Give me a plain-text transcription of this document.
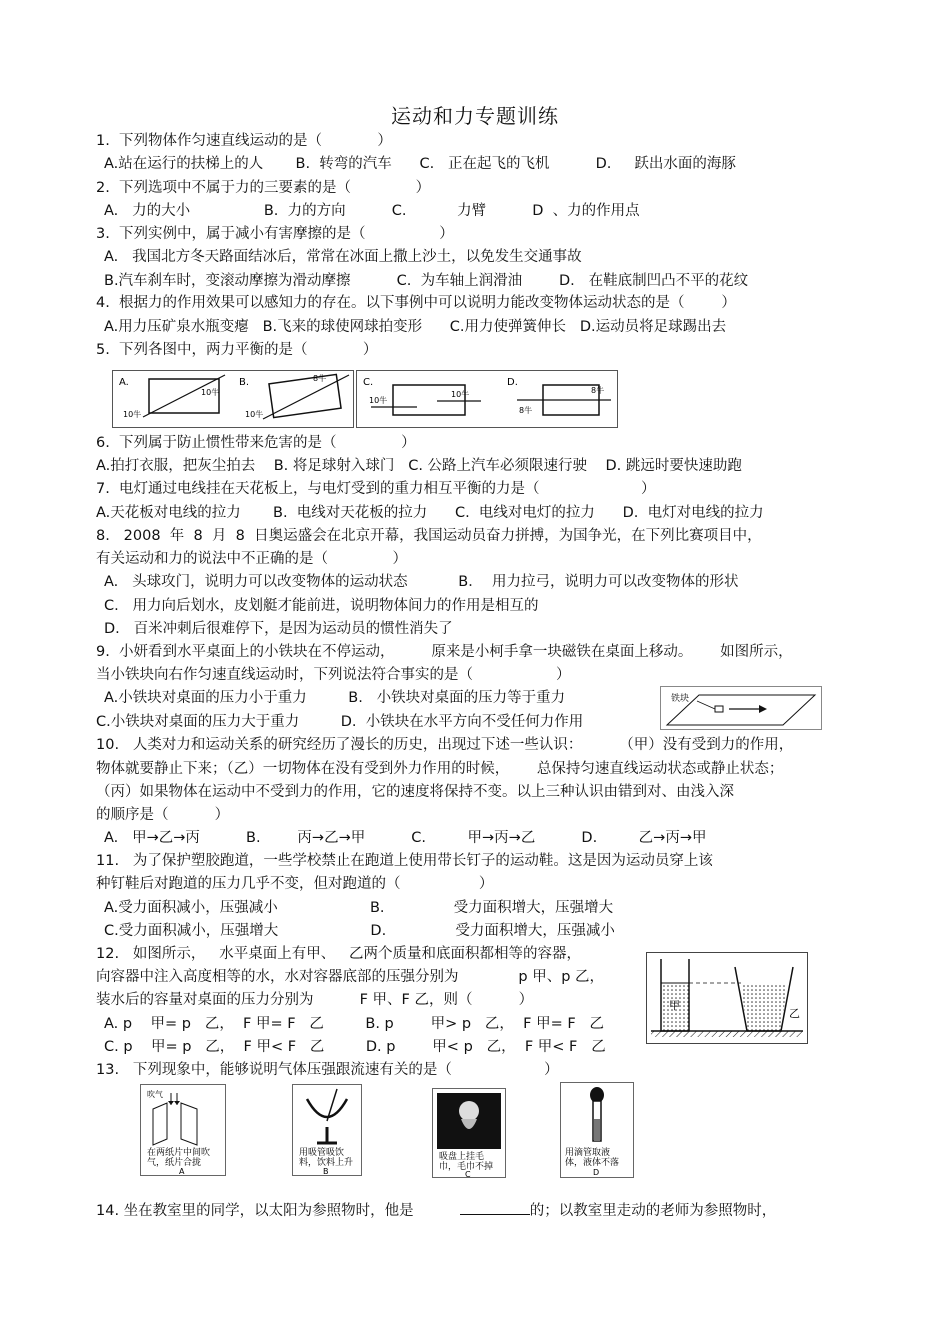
运动和力专题训练
1.  下列物体作匀速直线运动的是（            ）
A.站在运行的扶梯上的人       B.  转弯的汽车      C.   正在起飞的飞机          D.     跃出水面的海豚
2.  下列选项中不属于力的三要素的是（              ）
A.   力的大小                B.  力的方向          C.           力臂          D  、力的作用点
3.  下列实例中，属于减小有害摩擦的是（                ）
A.   我国北方冬天路面结冰后，常常在冰面上撒上沙土，以免发生交通事故
B.汽车刹车时，变滚动摩擦为滑动摩擦          C.  为车轴上润滑油        D.   在鞋底制凹凸不平的花纹
4.  根据力的作用效果可以感知力的存在。以下事例中可以说明力能改变物体运动状态的是（        ）
A.用力压矿泉水瓶变瘪   B.飞来的球使网球拍变形      C.用力使弹簧伸长   D.运动员将足球踢出去
5.  下列各图中，两力平衡的是（            ）
A.
10牛
10牛
B.	8牛
10牛
C.
10牛
10牛
D.
8牛
8牛
6.  下列属于防止惯性带来危害的是（              ）
A.拍打衣服，把灰尘拍去    B. 将足球射入球门   C. 公路上汽车必须限速行驶    D. 跳远时要快速助跑
7.  电灯通过电线挂在天花板上，与电灯受到的重力相互平衡的力是（                      ）
A.天花板对电线的拉力       B.  电线对天花板的拉力      C.  电线对电灯的拉力      D.  电灯对电线的拉力
8.   2008  年  8  月  8  日奥运盛会在北京开幕，我国运动员奋力拼搏，为国争光，在下列比赛项目中，
有关运动和力的说法中不正确的是（              ）
A.   头球攻门，说明力可以改变物体的运动状态           B．  用力拉弓，说明力可以改变物体的形状
C.   用力向后划水，皮划艇才能前进，说明物体间力的作用是相互的
D.   百米冲刺后很难停下，是因为运动员的惯性消失了
9.  小妍看到水平桌面上的小铁块在不停运动，        原来是小柯手拿一块磁铁在桌面上移动。      如图所示，
当小铁块向右作匀速直线运动时，下列说法符合事实的是（                  ）
A.小铁块对桌面的压力小于重力         B.   小铁块对桌面的压力等于重力
C.小铁块对桌面的压力大于重力         D.  小铁块在水平方向不受任何力作用
铁块
10.   人类对力和运动关系的研究经历了漫长的历史，出现过下述一些认识：        （甲）没有受到力的作用，
物体就要静止下来；（乙）一切物体在没有受到外力作用的时候，      总保持匀速直线运动状态或静止状态；
（丙）如果物体在运动中不受到力的作用，它的速度将保持不变。以上三种认识由错到对、由浅入深
的顺序是（          ）
A.   甲→乙→丙          B.        丙→乙→甲          C.         甲→丙→乙          D.         乙→丙→甲
11.   为了保护塑胶跑道，一些学校禁止在跑道上使用带长钉子的运动鞋。这是因为运动员穿上该
种钉鞋后对跑道的压力几乎不变，但对跑道的（                 ）
A.受力面积减小，压强减小                    B.               受力面积增大，压强增大
C.受力面积减小，压强增大                    D.               受力面积增大，压强减小
12.   如图所示，   水平桌面上有甲、   乙两个质量和底面积都相等的容器，
向容器中注入高度相等的水，水对容器底部的压强分别为             p 甲、p 乙，
装水后的容量对桌面的压力分别为          F 甲、F 乙，则（          ）
A. p    甲= p   乙，  F 甲= F   乙         B. p        甲> p   乙，  F 甲= F   乙
C. p    甲= p   乙，  F 甲< F   乙         D. p        甲< p   乙，  F 甲< F   乙
甲
乙
13.   下列现象中，能够说明气体压强跟流速有关的是（                    ）
吹气
在两纸片中间吹
气，纸片合拢
A
用吸管吸饮
料，饮料上升
B
吸盘上挂毛
巾，毛巾不掉
C
用滴管取液
体，液体不落
D
14. 坐在教室里的同学，以太阳为参照物时，他是	的；以教室里走动的老师为参照物时，
